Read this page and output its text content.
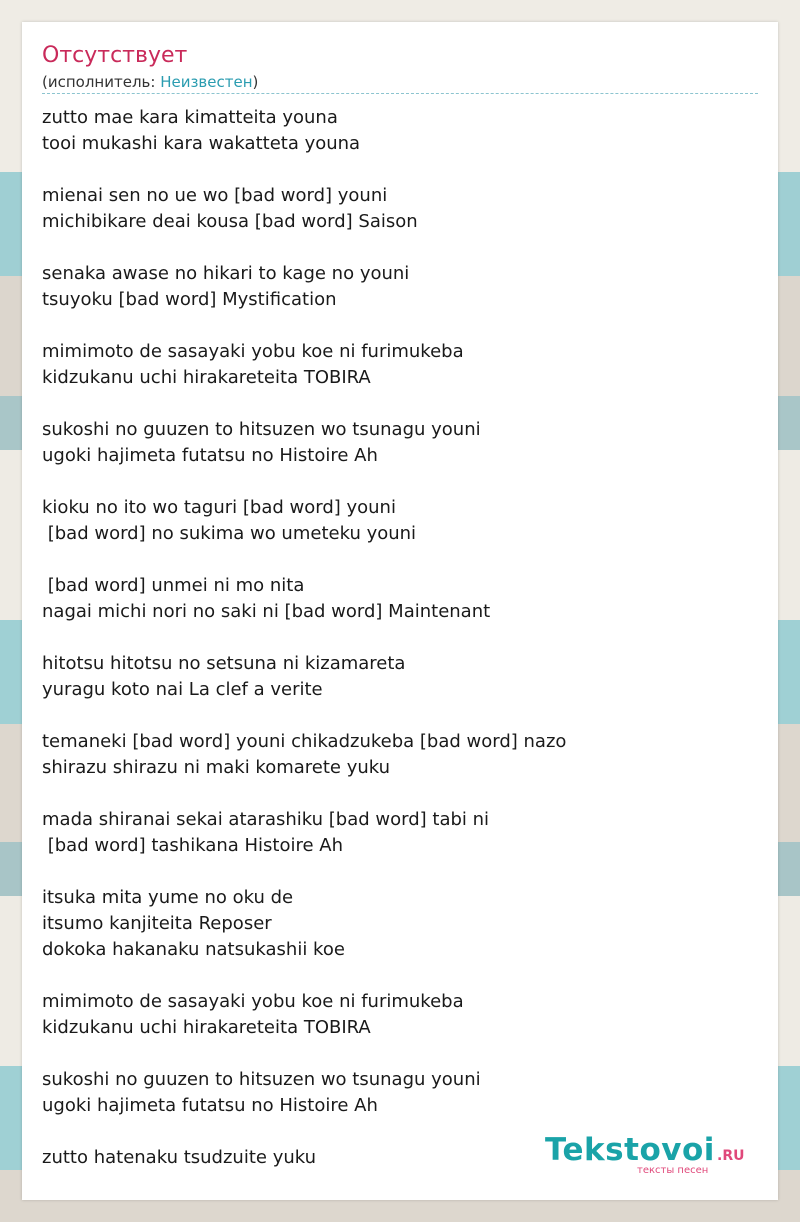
Отсутствует
(исполнитель: Неизвестен)
zutto mae kara kimatteita youna
tooi mukashi kara wakatteta youna
mienai sen no ue wo [bad word] youni
michibikare deai kousa [bad word] Saison
senaka awase no hikari to kage no youni
tsuyoku [bad word] Mystification
mimimoto de sasayaki yobu koe ni furimukeba
kidzukanu uchi hirakareteita TOBIRA
sukoshi no guuzen to hitsuzen wo tsunagu youni
ugoki hajimeta futatsu no Histoire Ah
kioku no ito wo taguri [bad word] youni
[bad word] no sukima wo umeteku youni
[bad word] unmei ni mo nita
nagai michi nori no saki ni [bad word] Maintenant
hitotsu hitotsu no setsuna ni kizamareta
yuragu koto nai La clef a verite
temaneki [bad word] youni chikadzukeba [bad word] nazo
shirazu shirazu ni maki komarete yuku
mada shiranai sekai atarashiku [bad word] tabi ni
[bad word] tashikana Histoire Ah
itsuka mita yume no oku de
itsumo kanjiteita Reposer
dokoka hakanaku natsukashii koe
mimimoto de sasayaki yobu koe ni furimukeba
kidzukanu uchi hirakareteita TOBIRA
sukoshi no guuzen to hitsuzen wo tsunagu youni
ugoki hajimeta futatsu no Histoire Ah
zutto hatenaku tsudzuite yuku	Tekstovoi .RU
тексты песен
